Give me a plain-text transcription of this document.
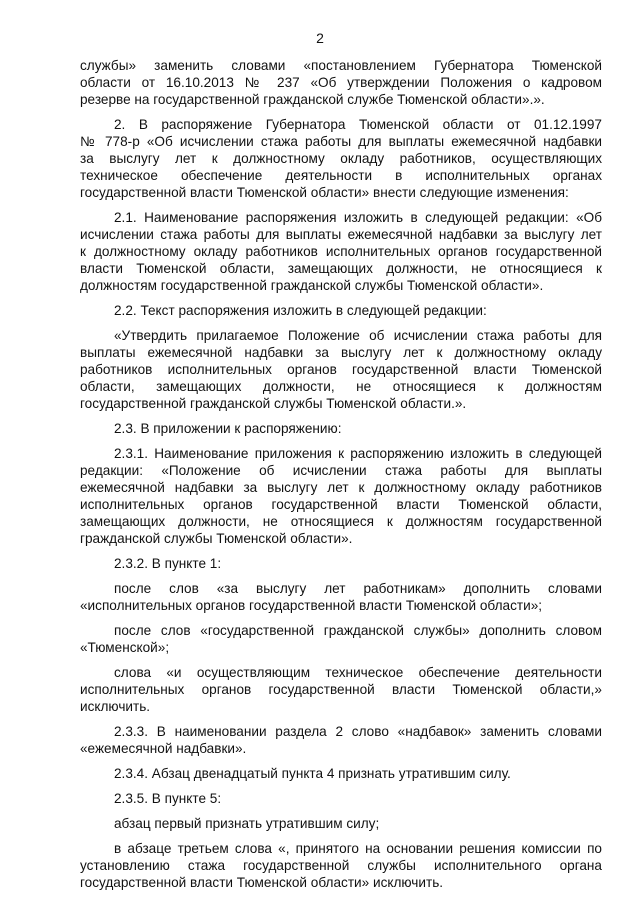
2

службы» заменить словами «постановлением Губернатора Тюменской
области от 16.10.2013 № 237 «Об утверждении Положения о кадровом
резерве на государственной гражданской службе Тюменской области».».

2. В распоряжение Губернатора Тюменской области от 01.12.1997
№ 778-р «Об исчислении стажа работы для выплаты ежемесячной надбавки
за выслугу лет к должностному окладу работников, осуществляющих
техническое обеспечение деятельности в исполнительных органах
государственной власти Тюменской области» внести следующие изменения:

2.1. Наименование распоряжения изложить в следующей редакции: «Об
исчислении стажа работы для выплаты ежемесячной надбавки за выслугу лет
к должностному окладу работников исполнительных органов государственной
власти Тюменской области, замещающих должности, не относящиеся к
должностям государственной гражданской службы Тюменской области».

2.2. Текст распоряжения изложить в следующей редакции:

«Утвердить прилагаемое Положение об исчислении стажа работы для
выплаты ежемесячной надбавки за выслугу лет к должностному окладу
работников исполнительных органов государственной власти Тюменской
области, замещающих должности, не относящиеся к должностям
государственной гражданской службы Тюменской области.».

2.3. В приложении к распоряжению:

2.3.1. Наименование приложения к распоряжению изложить в следующей
редакции: «Положение об исчислении стажа работы для выплаты
ежемесячной надбавки за выслугу лет к должностному окладу работников
исполнительных органов государственной власти Тюменской области,
замещающих должности, не относящиеся к должностям государственной
гражданской службы Тюменской области».

2.3.2. В пункте 1:

после слов «за выслугу лет работникам» дополнить словами
«исполнительных органов государственной власти Тюменской области»;

после слов «государственной гражданской службы» дополнить словом
«Тюменской»;

слова «и осуществляющим техническое обеспечение деятельности
исполнительных органов государственной власти Тюменской области,»
исключить.

2.3.3. В наименовании раздела 2 слово «надбавок» заменить словами
«ежемесячной надбавки».

2.3.4. Абзац двенадцатый пункта 4 признать утратившим силу.

2.3.5. В пункте 5:

абзац первый признать утратившим силу;

в абзаце третьем слова «, принятого на основании решения комиссии по
установлению стажа государственной службы исполнительного органа
государственной власти Тюменской области» исключить.
